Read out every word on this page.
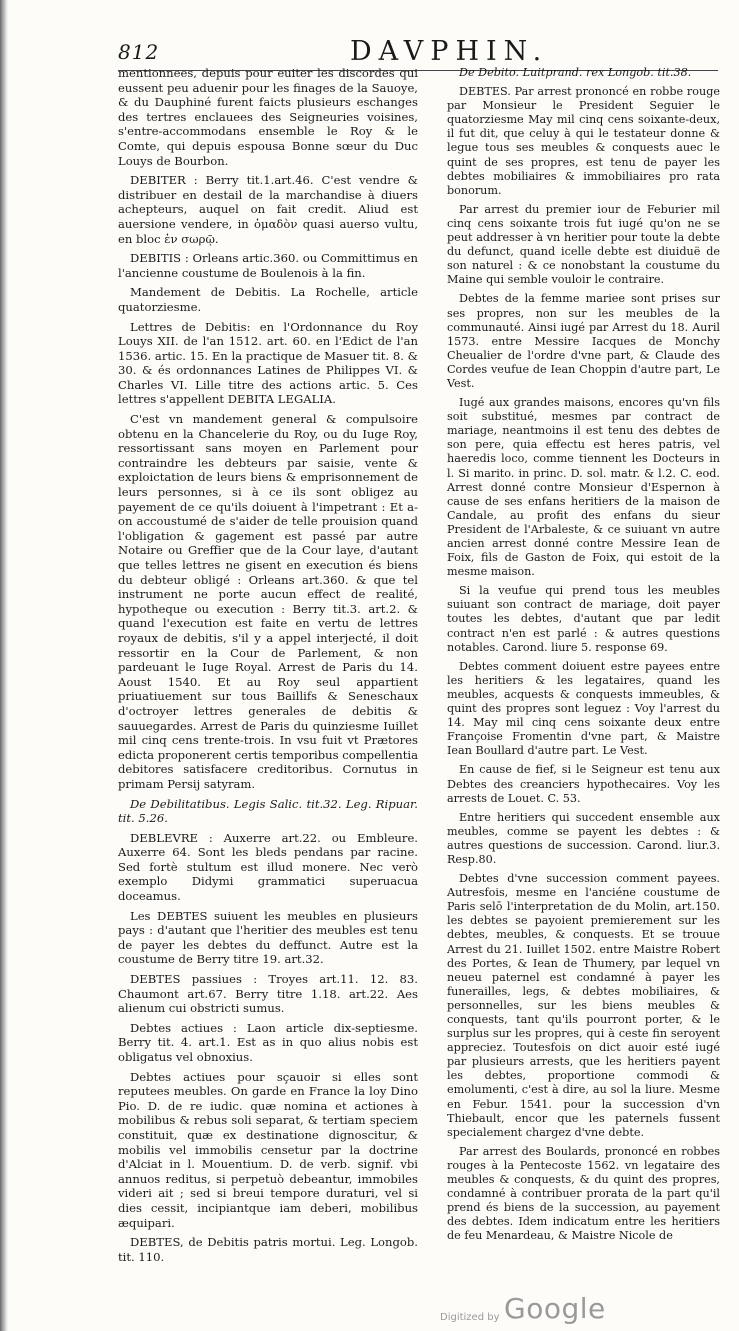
812	DAVPHIN.

mentionnees, depuis pour euiter les discordes qui eussent peu aduenir pour les finages de la Sauoye, & du Dauphiné furent faicts plusieurs eschanges des tertres enclauees des Seigneuries voisines, s'entre-accommodans ensemble le Roy & le Comte, qui depuis espousa Bonne sœur du Duc Louys de Bourbon.

DEBITER : Berry tit.1.art.46. C'est vendre & distribuer en destail de la marchandise à diuers achepteurs, auquel on fait credit. Aliud est auersione vendere, in ὁμαδὸν quasi auerso vultu, en bloc ἐν σωρῷ.

DEBITIS : Orleans artic.360. ou Committimus en l'ancienne coustume de Boulenois à la fin.

Mandement de Debitis. La Rochelle, article quatorziesme.

Lettres de Debitis: en l'Ordonnance du Roy Louys XII. de l'an 1512. art. 60. en l'Edict de l'an 1536. artic. 15. En la practique de Masuer tit. 8. & 30. & és ordonnances Latines de Philippes VI. & Charles VI. Lille titre des actions artic. 5. Ces lettres s'appellent DEBITA LEGALIA.

C'est vn mandement general & compulsoire obtenu en la Chancelerie du Roy, ou du Iuge Roy, ressortissant sans moyen en Parlement pour contraindre les debteurs par saisie, vente & exploictation de leurs biens & emprisonnement de leurs personnes, si à ce ils sont obligez au payement de ce qu'ils doiuent à l'impetrant : Et a-on accoustumé de s'aider de telle prouision quand l'obligation & gagement est passé par autre Notaire ou Greffier que de la Cour laye, d'autant que telles lettres ne gisent en execution és biens du debteur obligé : Orleans art.360. & que tel instrument ne porte aucun effect de realité, hypotheque ou execution : Berry tit.3. art.2. & quand l'execution est faite en vertu de lettres royaux de debitis, s'il y a appel interjecté, il doit ressortir en la Cour de Parlement, & non pardeuant le Iuge Royal. Arrest de Paris du 14. Aoust 1540. Et au Roy seul appartient priuatiuement sur tous Baillifs & Seneschaux d'octroyer lettres generales de debitis & sauuegardes. Arrest de Paris du quinziesme Iuillet mil cinq cens trente-trois. In vsu fuit vt Prætores edicta proponerent certis temporibus compellentia debitores satisfacere creditoribus. Cornutus in primam Persij satyram.

De Debilitatibus. Legis Salic. tit.32. Leg. Ripuar. tit. 5.26.

DEBLEVRE : Auxerre art.22. ou Embleure. Auxerre 64. Sont les bleds pendans par racine. Sed fortè stultum est illud monere. Nec verò exemplo Didymi grammatici superuacua doceamus.

Les DEBTES suiuent les meubles en plusieurs pays : d'autant que l'heritier des meubles est tenu de payer les debtes du deffunct. Autre est la coustume de Berry titre 19. art.32.

DEBTES passiues : Troyes art.11. 12. 83. Chaumont art.67. Berry titre 1.18. art.22. Aes alienum cui obstricti sumus.

Debtes actiues : Laon article dix-septiesme. Berry tit. 4. art.1. Est as in quo alius nobis est obligatus vel obnoxius.

Debtes actiues pour sçauoir si elles sont reputees meubles. On garde en France la loy Dino Pio. D. de re iudic. quæ nomina et actiones à mobilibus & rebus soli separat, & tertiam speciem constituit, quæ ex destinatione dignoscitur, & mobilis vel immobilis censetur par la doctrine d'Alciat in l. Mouentium. D. de verb. signif. vbi annuos reditus, si perpetuò debeantur, immobiles videri ait ; sed si breui tempore duraturi, vel si dies cessit, incipiantque iam deberi, mobilibus æquipari.

DEBTES, de Debitis patris mortui. Leg. Longob. tit. 110.

De Debito. Luitprand. rex Longob. tit.38.

DEBTES. Par arrest prononcé en robbe rouge par Monsieur le President Seguier le quatorziesme May mil cinq cens soixante-deux, il fut dit, que celuy à qui le testateur donne & legue tous ses meubles & conquests auec le quint de ses propres, est tenu de payer les debtes mobiliaires & immobiliaires pro rata bonorum.

Par arrest du premier iour de Feburier mil cinq cens soixante trois fut iugé qu'on ne se peut addresser à vn heritier pour toute la debte du defunct, quand icelle debte est diuiduë de son naturel : & ce nonobstant la coustume du Maine qui semble vouloir le contraire.

Debtes de la femme mariee sont prises sur ses propres, non sur les meubles de la communauté. Ainsi iugé par Arrest du 18. Auril 1573. entre Messire Iacques de Monchy Cheualier de l'ordre d'vne part, & Claude des Cordes veufue de Iean Choppin d'autre part, Le Vest.

Iugé aux grandes maisons, encores qu'vn fils soit substitué, mesmes par contract de mariage, neantmoins il est tenu des debtes de son pere, quia effectu est heres patris, vel haeredis loco, comme tiennent les Docteurs in l. Si marito. in princ. D. sol. matr. & l.2. C. eod. Arrest donné contre Monsieur d'Espernon à cause de ses enfans heritiers de la maison de Candale, au profit des enfans du sieur President de l'Arbaleste, & ce suiuant vn autre ancien arrest donné contre Messire Iean de Foix, fils de Gaston de Foix, qui estoit de la mesme maison.

Si la veufue qui prend tous les meubles suiuant son contract de mariage, doit payer toutes les debtes, d'autant que par ledit contract n'en est parlé : & autres questions notables. Carond. liure 5. response 69.

Debtes comment doiuent estre payees entre les heritiers & les legataires, quand les meubles, acquests & conquests immeubles, & quint des propres sont leguez : Voy l'arrest du 14. May mil cinq cens soixante deux entre Françoise Fromentin d'vne part, & Maistre Iean Boullard d'autre part. Le Vest.

En cause de fief, si le Seigneur est tenu aux Debtes des creanciers hypothecaires. Voy les arrests de Louet. C. 53.

Entre heritiers qui succedent ensemble aux meubles, comme se payent les debtes : & autres questions de succession. Carond. liur.3. Resp.80.

Debtes d'vne succession comment payees. Autresfois, mesme en l'anciéne coustume de Paris selō l'interpretation de du Molin, art.150. les debtes se payoient premierement sur les debtes, meubles, & conquests. Et se trouue Arrest du 21. Iuillet 1502. entre Maistre Robert des Portes, & Iean de Thumery, par lequel vn neueu paternel est condamné à payer les funerailles, legs, & debtes mobiliaires, & personnelles, sur les biens meubles & conquests, tant qu'ils pourront porter, & le surplus sur les propres, qui à ceste fin seroyent appreciez. Toutesfois on dict auoir esté iugé par plusieurs arrests, que les heritiers payent les debtes, proportione commodi & emolumenti, c'est à dire, au sol la liure. Mesme en Febur. 1541. pour la succession d'vn Thiebault, encor que les paternels fussent specialement chargez d'vne debte.

Par arrest des Boulards, prononcé en robbes rouges à la Pentecoste 1562. vn legataire des meubles & conquests, & du quint des propres, condamné à contribuer prorata de la part qu'il prend és biens de la succession, au payement des debtes. Idem indicatum entre les heritiers de feu Menardeau, & Maistre Nicole de

Digitized by Google
